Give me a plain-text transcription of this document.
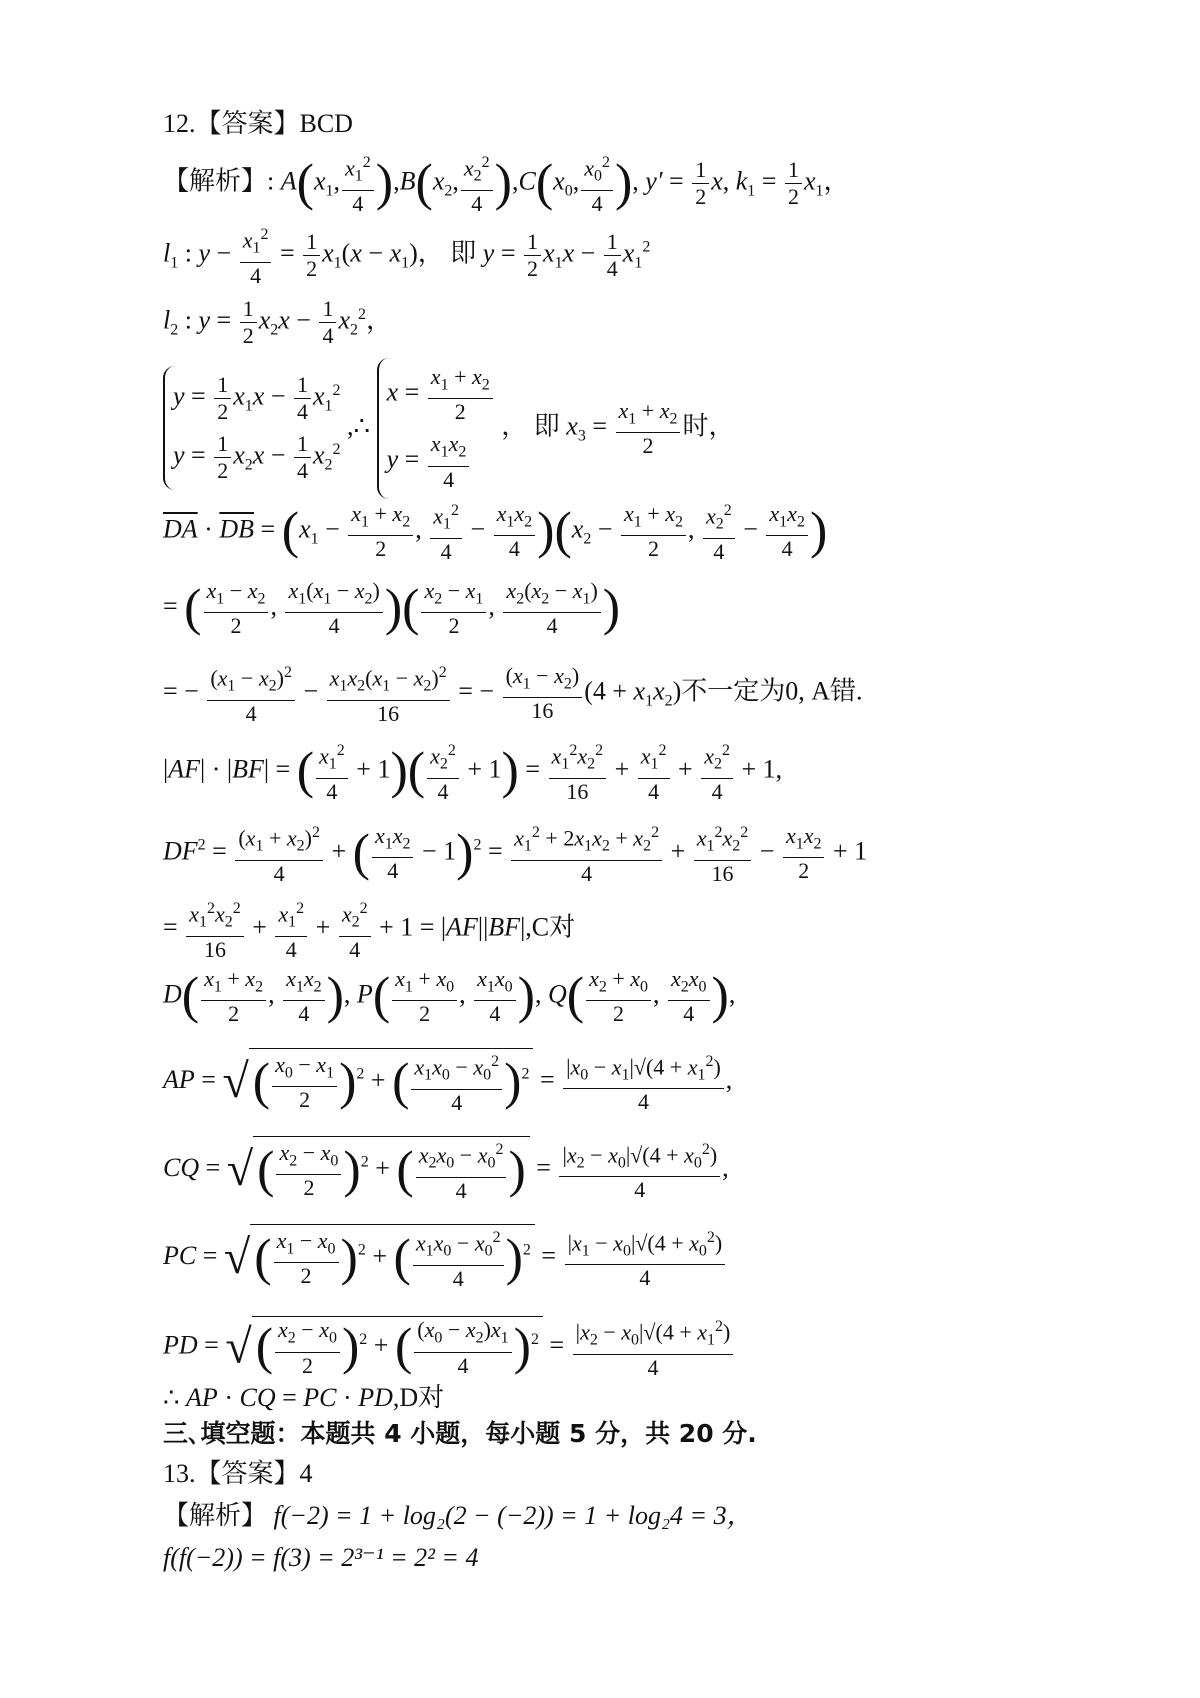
12.【答案】BCD
【解析】: $A(x_1$, $\frac{x_1^2}{4} ),B(x_2$, $\frac{x_2^2}{4} ),C(x_0$, $\frac{x_0^2}{4}$ ), $y' = \frac{1}{2} x$, $k_1 = \frac{1}{2} x_1$，
$l_1$ : $y - \frac{x_1^2}{4} = \frac{1}{2} x_1(x - x_1)$， 即 $y = \frac{1}{2} x_1x - \frac{1}{4} x_1^2$
$l_2$ : $y = \frac{1}{2} x_2x - \frac{1}{4} x_2^2$，
$y = \frac{1}{2} x_1x - \frac{1}{4} x_1^2$
$y = \frac{1}{2} x_2x - \frac{1}{4} x_2^2$
,∴
$x = \frac{x_1 + x_2}{2}$
$y = \frac{x_1x_2}{4}$
， 即 $x_3 = \frac{x_1 + x_2}{2}$ 时，
$\overline{DA} \cdot \overline{DB} = (x_1 - \frac{x_1 + x_2}{2}$ , $\frac{x_1^2}{4} - \frac{x_1x_2}{4} )(x_2 - \frac{x_1 + x_2}{2}$ , $\frac{x_2^2}{4} - \frac{x_1x_2}{4}$ )
= ( $\frac{x_1 - x_2}{2}$ , $\frac{x_1(x_1 - x_2)}{4}$ )( $\frac{x_2 - x_1}{2}$ , $\frac{x_2(x_2 - x_1)}{4}$ )
= − $\frac{(x_1 - x_2)^2}{4} - \frac{x_1x_2(x_1 - x_2)^2}{16}$ = − $\frac{(x_1 - x_2)}{16} (4 + x_1x_2)$不一定为0, A错.
|AF| · |BF| = ( $\frac{x_1^2}{4} + 1)( \frac{x_2^2}{4} + 1) = \frac{x_1^2x_2^2}{16} + \frac{x_1^2}{4} + \frac{x_2^2}{4} + 1$,
$DF^2 = \frac{(x_1 + x_2)^2}{4}$ + ( $\frac{x_1x_2}{4} - 1)^2 = \frac{x_1^2 + 2x_1x_2 + x_2^2}{4} + \frac{x_1^2x_2^2}{16} - \frac{x_1x_2}{2} + 1$
= $\frac{x_1^2x_2^2}{16} + \frac{x_1^2}{4} + \frac{x_2^2}{4} + 1 = |AF||BF|,C$对
$D( \frac{x_1 + x_2}{2}$ , $\frac{x_1x_2}{4}$ ), $P( \frac{x_1 + x_0}{2}$ , $\frac{x_1x_0}{4}$ ), $Q( \frac{x_2 + x_0}{2}$ , $\frac{x_2x_0}{4}$ ),
AP = √( $\frac{x_0 - x_1}{2} )^2$ + ( $\frac{x_1x_0 - x_0^2}{4} )^2 = \frac{|x_0 - x_1|√(4 + x_1^2)}{4}$ ,
CQ = √( $\frac{x_2 - x_0}{2} )^2$ + ( $\frac{x_2x_0 - x_0^2}{4}$ ) = $\frac{|x_2 - x_0|√(4 + x_0^2)}{4}$ ,
PC = √( $\frac{x_1 - x_0}{2} )^2$ + ( $\frac{x_1x_0 - x_0^2}{4} )^2 = \frac{|x_1 - x_0|√(4 + x_0^2)}{4}$
PD = √( $\frac{x_2 - x_0}{2} )^2$ + ( $\frac{(x_0 - x_2)x_1}{4} )^2 = \frac{|x_2 - x_0|√(4 + x_1^2)}{4}$
∴ AP · CQ = PC · PD,D对
三､填空题：本题共 4 小题，每小题 5 分，共 20 分.
13.【答案】4
【解析】 f(−2) = 1 + log₂(2 − (−2)) = 1 + log₂4 = 3，
f(f(−2)) = f(3) = 2³⁻¹ = 2² = 4
